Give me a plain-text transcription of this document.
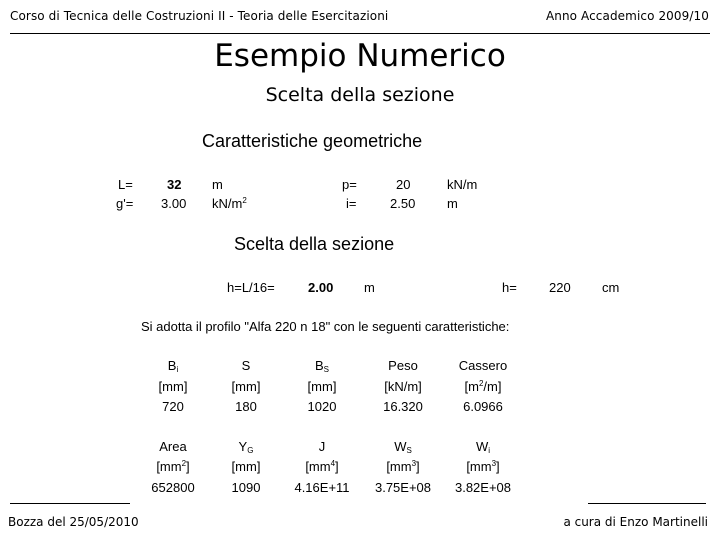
Corso di Tecnica delle Costruzioni II - Teoria delle Esercitazioni	Anno Accademico 2009/10
Esempio Numerico
Scelta della sezione
Caratteristiche geometriche
L=	32 m	p=	20	kN/m
g'= 3.00 $kN/m^2$	i=	2.50 m
Scelta della sezione
h=L/16=	2.00 m	h= 220 cm
Si adotta il profilo "Alfa 220 n 18" con le seguenti caratteristiche:
$B_i$	S	$B_S$	Peso	Cassero
[mm]	[mm]	[mm]	[kN/m]	$[m^2/m]$
720	180	1020	16.320	6.0966
Area	$Y_G$	J	$W_S$	$W_i$
$[mm^2]$	[mm]	$[mm^4]$	$[mm^3]$	$[mm^3]$
652800	1090	4.16E+11	3.75E+08	3.82E+08
Bozza del 25/05/2010	a cura di Enzo Martinelli
